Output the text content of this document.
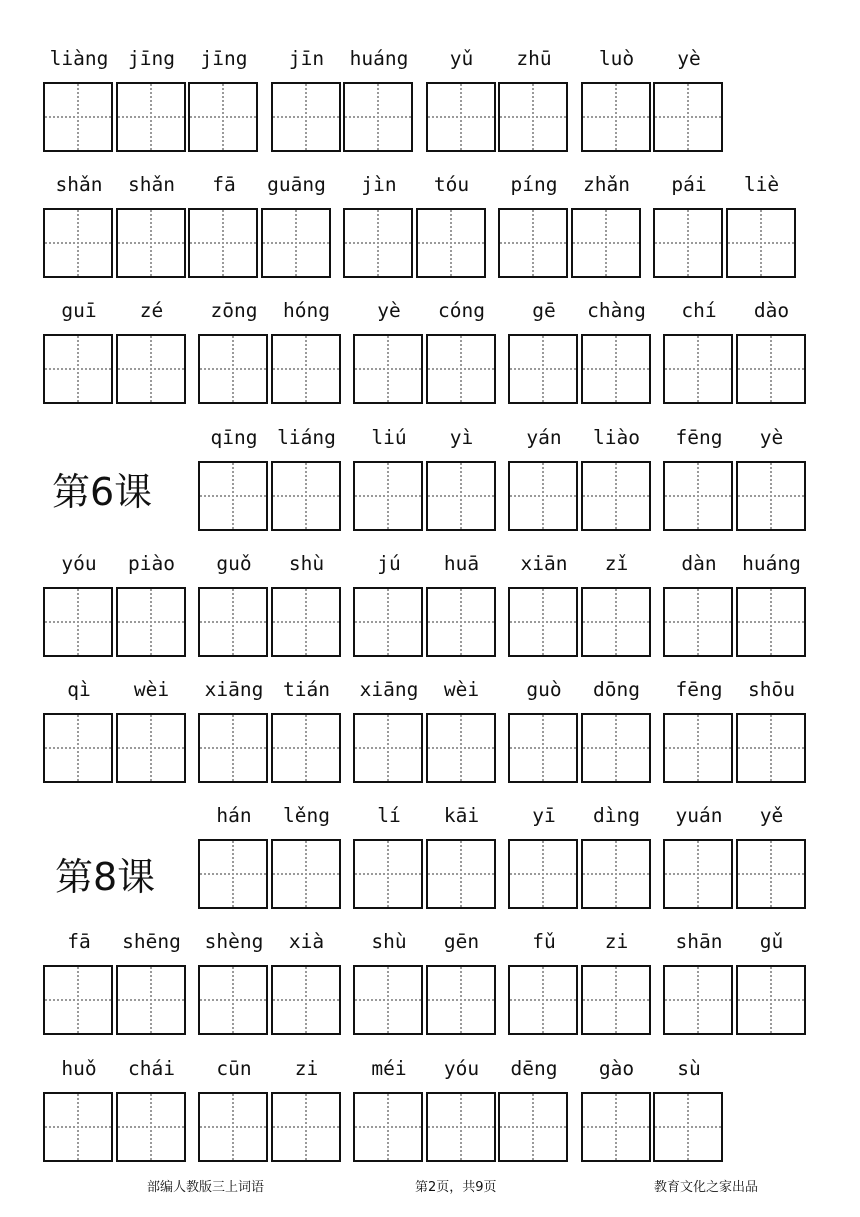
liàng	jīng	jīng	jīn	huáng	yǔ	zhū	luò	yè
shǎn	shǎn	fā	guāng	jìn	tóu	píng	zhǎn	pái	liè
guī	zé	zōng	hóng	yè	cóng	gē	chàng	chí	dào
qīng	liáng	liú	yì	yán	liào	fēng	yè
第6课
yóu	piào	guǒ	shù	jú	huā	xiān	zǐ	dàn	huáng
qì	wèi	xiāng	tián	xiāng	wèi	guò	dōng	fēng	shōu
hán	lěng	lí	kāi	yī	dìng	yuán	yě
第8课
fā	shēng	shèng	xià	shù	gēn	fǔ	zi	shān	gǔ
huǒ	chái	cūn	zi	méi	yóu	dēng	gào	sù
部编人教版三上词语	第2页，共9页	教育文化之家出品
